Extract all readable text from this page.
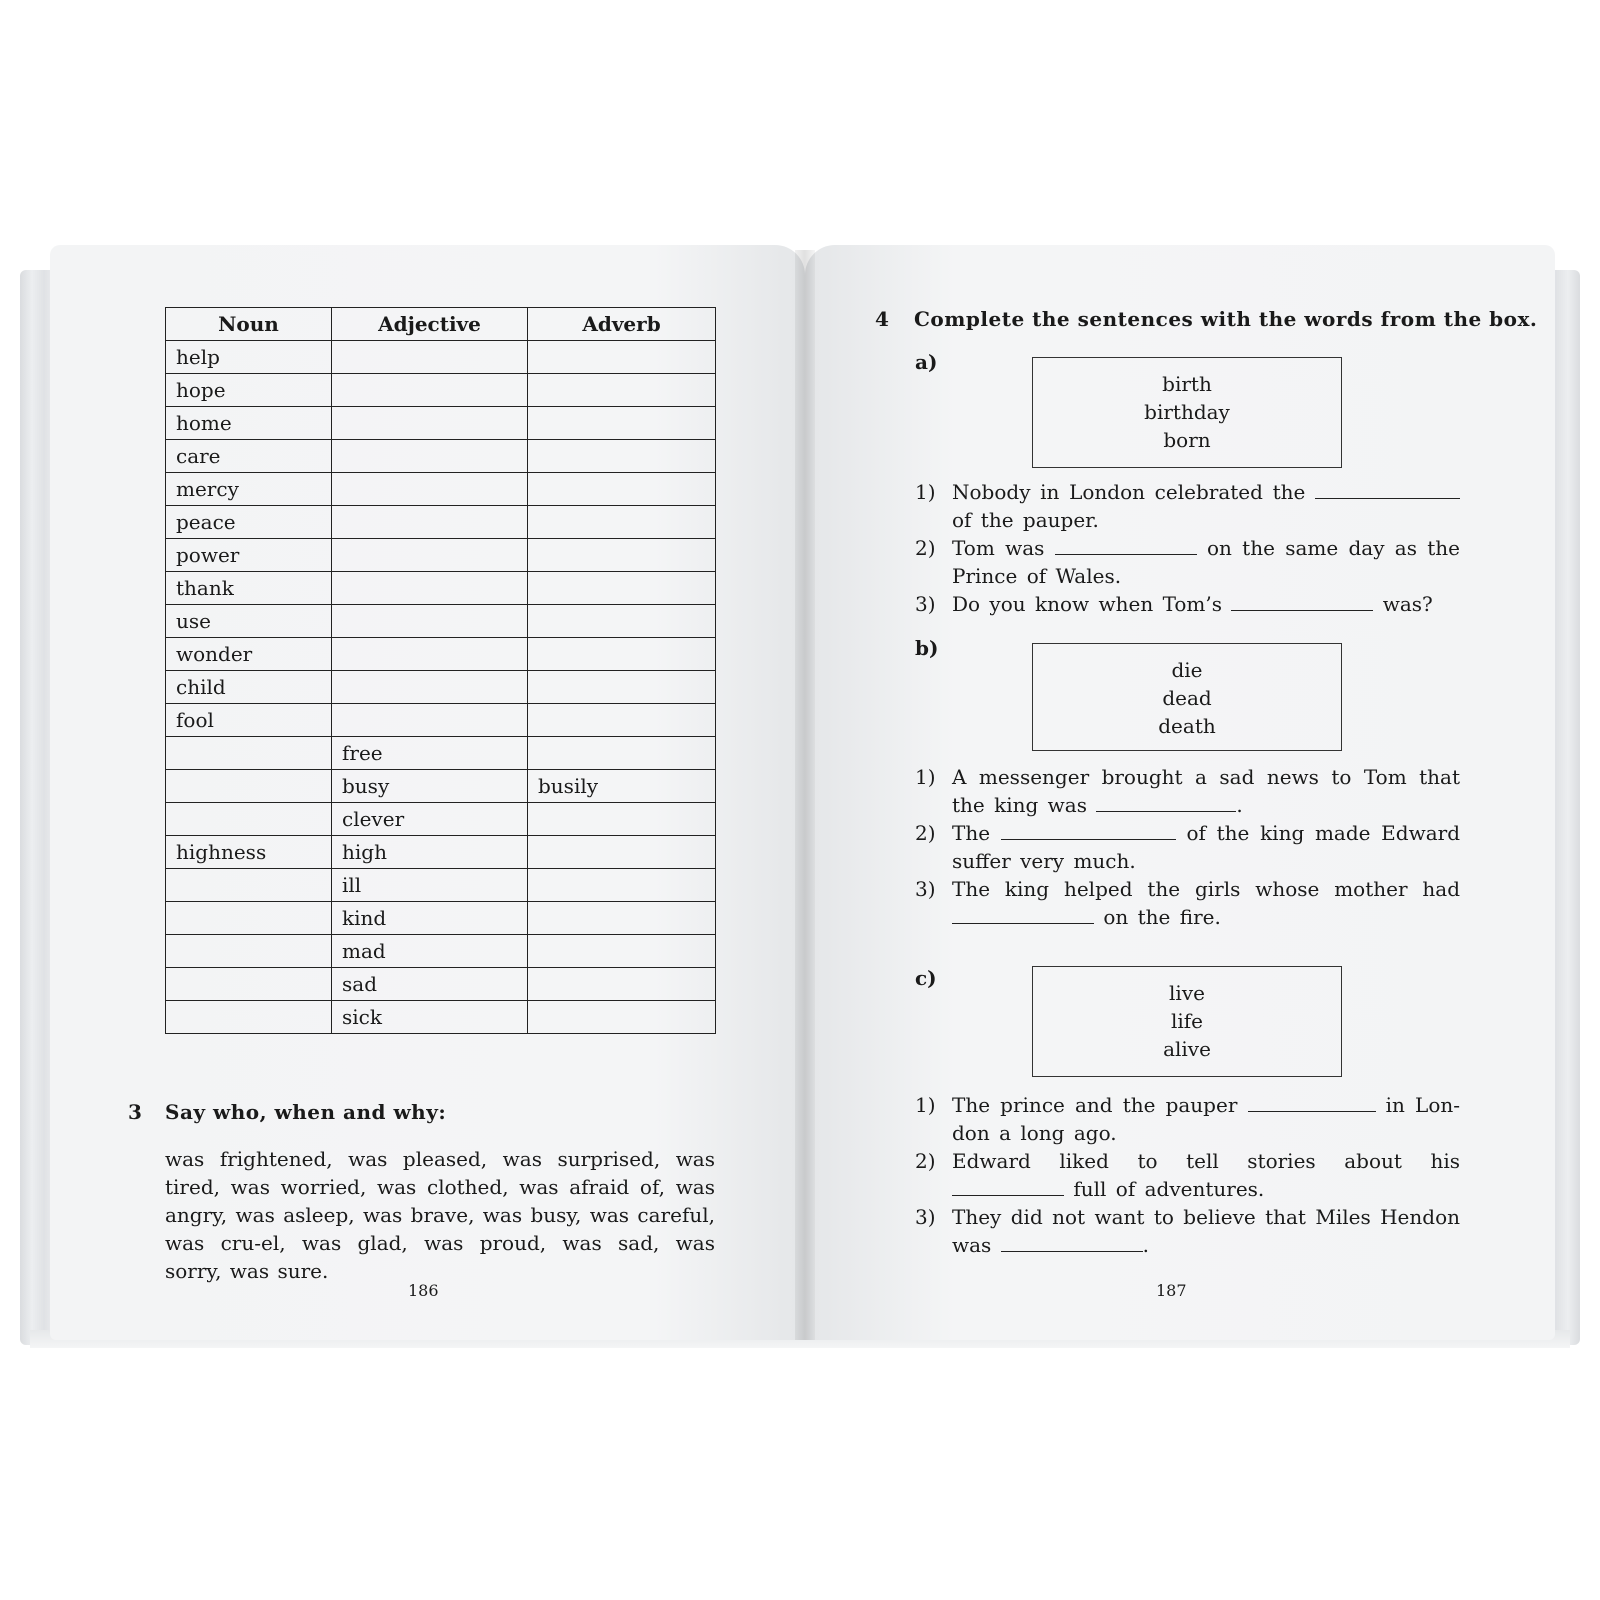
Noun	Adjective	Adverb
help		
hope		
home		
care		
mercy		
peace		
power		
thank		
use		
wonder		
child		
fool		
	free	
	busy	busily
	clever	
highness	high	
	ill	
	kind	
	mad	
	sad	
	sick	
3 Say who, when and why:
was frightened, was pleased, was surprised, was tired, was worried, was clothed, was afraid of, was angry, was asleep, was brave, was busy, was careful, was cru-el, was glad, was proud, was sad, was sorry, was sure.
186
4 Complete the sentences with the words from the box.
a)
birth
birthday
born
1) Nobody in London celebrated the  of the pauper.
2) Tom was	on the same day as the Prince of Wales.
3) Do you know when Tom’s	was?
b)
die
dead
death
1) A messenger brought a sad news to Tom that the king was	.
2) The	of the king made Edward suffer very much.
3) The king helped the girls whose mother had  on the fire.
c)
live
life
alive
1) The prince and the pauper	in Lon-don a long ago.
2) Edward liked to tell stories about his  full of adventures.
3) They did not want to believe that Miles Hendon was	.
187
